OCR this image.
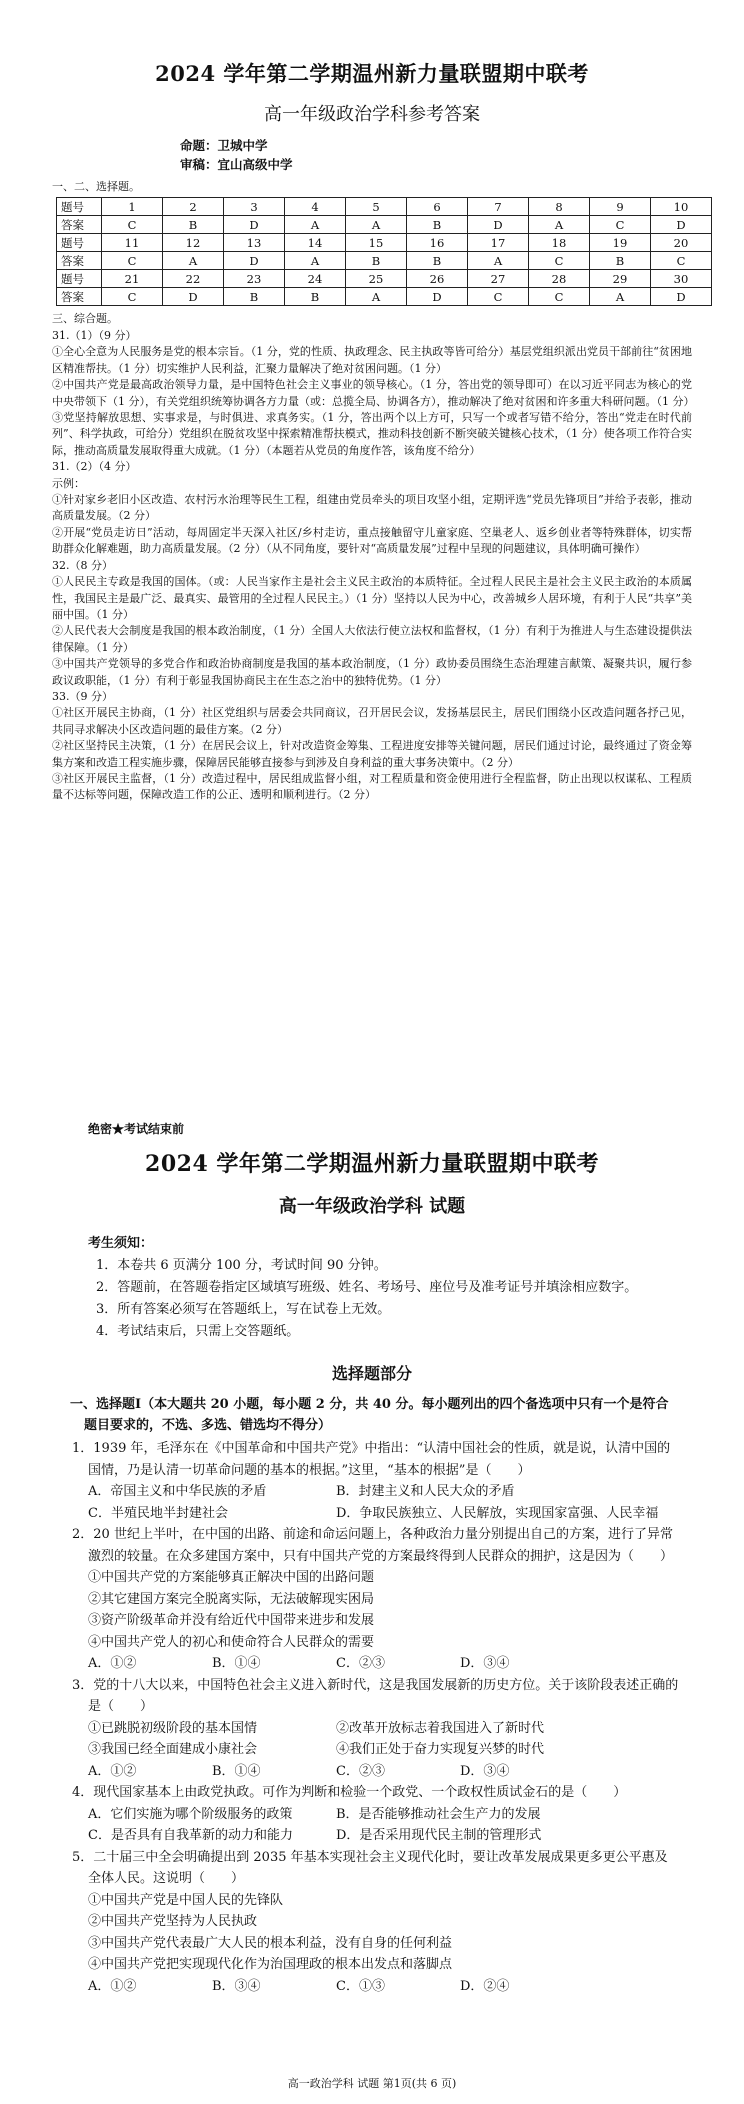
2024 学年第二学期温州新力量联盟期中联考
高一年级政治学科参考答案
命题：卫城中学
审稿：宜山高级中学
一、二、选择题。
题号	1	2	3	4	5	6	7	8	9	10
答案	C	B	D	A	A	B	D	A	C	D
题号	11	12	13	14	15	16	17	18	19	20
答案	C	A	D	A	B	B	A	C	B	C
题号	21	22	23	24	25	26	27	28	29	30
答案	C	D	B	B	A	D	C	C	A	D
三、综合题。

31.（1）（9 分）

①全心全意为人民服务是党的根本宗旨。（1 分，党的性质、执政理念、民主执政等皆可给分）基层党组织派出党员干部前往“贫困地区精准帮扶。（1 分）切实维护人民利益，汇聚力量解决了绝对贫困问题。（1 分）

②中国共产党是最高政治领导力量，是中国特色社会主义事业的领导核心。（1 分，答出党的领导即可）在以习近平同志为核心的党中央带领下（1 分），有关党组织统筹协调各方力量（或：总揽全局、协调各方），推动解决了绝对贫困和许多重大科研问题。（1 分）

③党坚持解放思想、实事求是，与时俱进、求真务实。（1 分，答出两个以上方可，只写一个或者写错不给分，答出“党走在时代前列”、科学执政，可给分）党组织在脱贫攻坚中探索精准帮扶模式，推动科技创新不断突破关键核心技术，（1 分）使各项工作符合实际，推动高质量发展取得重大成就。（1 分）（本题若从党员的角度作答，该角度不给分）

31.（2）（4 分）

示例：

①针对家乡老旧小区改造、农村污水治理等民生工程，组建由党员牵头的项目攻坚小组，定期评选“党员先锋项目”并给予表彰，推动高质量发展。（2 分）

②开展“党员走访日”活动，每周固定半天深入社区/乡村走访，重点接触留守儿童家庭、空巢老人、返乡创业者等特殊群体，切实帮助群众化解难题，助力高质量发展。（2 分）（从不同角度，要针对“高质量发展”过程中呈现的问题建议，具体明确可操作）

32.（8 分）

①人民民主专政是我国的国体。（或：人民当家作主是社会主义民主政治的本质特征。全过程人民民主是社会主义民主政治的本质属性，我国民主是最广泛、最真实、最管用的全过程人民民主。）（1 分）坚持以人民为中心，改善城乡人居环境，有利于人民“共享”美丽中国。（1 分）

②人民代表大会制度是我国的根本政治制度，（1 分）全国人大依法行使立法权和监督权，（1 分）有利于为推进人与生态建设提供法律保障。（1 分）

③中国共产党领导的多党合作和政治协商制度是我国的基本政治制度，（1 分）政协委员围绕生态治理建言献策、凝聚共识，履行参政议政职能，（1 分）有利于彰显我国协商民主在生态之治中的独特优势。（1 分）

33.（9 分）

①社区开展民主协商，（1 分）社区党组织与居委会共同商议，召开居民会议，发扬基层民主，居民们围绕小区改造问题各抒己见，共同寻求解决小区改造问题的最佳方案。（2 分）

②社区坚持民主决策，（1 分）在居民会议上，针对改造资金筹集、工程进度安排等关键问题，居民们通过讨论，最终通过了资金筹集方案和改造工程实施步骤，保障居民能够直接参与到涉及自身利益的重大事务决策中。（2 分）

③社区开展民主监督，（1 分）改造过程中，居民组成监督小组，对工程质量和资金使用进行全程监督，防止出现以权谋私、工程质量不达标等问题，保障改造工作的公正、透明和顺利进行。（2 分）

绝密★考试结束前
2024 学年第二学期温州新力量联盟期中联考
高一年级政治学科 试题
考生须知：

1．本卷共 6 页满分 100 分，考试时间 90 分钟。

2．答题前，在答题卷指定区域填写班级、姓名、考场号、座位号及准考证号并填涂相应数字。

3．所有答案必须写在答题纸上，写在试卷上无效。

4．考试结束后，只需上交答题纸。

选择题部分
一、选择题Ⅰ（本大题共 20 小题，每小题 2 分，共 40 分。每小题列出的四个备选项中只有一个是符合题目要求的，不选、多选、错选均不得分）

1．1939 年，毛泽东在《中国革命和中国共产党》中指出：“认清中国社会的性质，就是说，认清中国的国情，乃是认清一切革命问题的基本的根据。”这里，“基本的根据”是（　　）

A．帝国主义和中华民族的矛盾	B．封建主义和人民大众的矛盾
C．半殖民地半封建社会	D．争取民族独立、人民解放，实现国家富强、人民幸福

2．20 世纪上半叶，在中国的出路、前途和命运问题上，各种政治力量分别提出自己的方案，进行了异常激烈的较量。在众多建国方案中，只有中国共产党的方案最终得到人民群众的拥护，这是因为（　　）

①中国共产党的方案能够真正解决中国的出路问题

②其它建国方案完全脱离实际，无法破解现实困局

③资产阶级革命并没有给近代中国带来进步和发展

④中国共产党人的初心和使命符合人民群众的需要

A．①②	B．①④	C．②③	D．③④

3．党的十八大以来，中国特色社会主义进入新时代，这是我国发展新的历史方位。关于该阶段表述正确的是（　　）

①已跳脱初级阶段的基本国情	②改革开放标志着我国进入了新时代
③我国已经全面建成小康社会	④我们正处于奋力实现复兴梦的时代
A．①②	B．①④	C．②③	D．③④

4．现代国家基本上由政党执政。可作为判断和检验一个政党、一个政权性质试金石的是（　　）

A．它们实施为哪个阶级服务的政策	B．是否能够推动社会生产力的发展
C．是否具有自我革新的动力和能力	D．是否采用现代民主制的管理形式

5．二十届三中全会明确提出到 2035 年基本实现社会主义现代化时，要让改革发展成果更多更公平惠及全体人民。这说明（　　）

①中国共产党是中国人民的先锋队

②中国共产党坚持为人民执政

③中国共产党代表最广大人民的根本利益，没有自身的任何利益

④中国共产党把实现现代化作为治国理政的根本出发点和落脚点

A．①②	B．③④	C．①③	D．②④
高一政治学科 试题 第1页(共 6 页)
